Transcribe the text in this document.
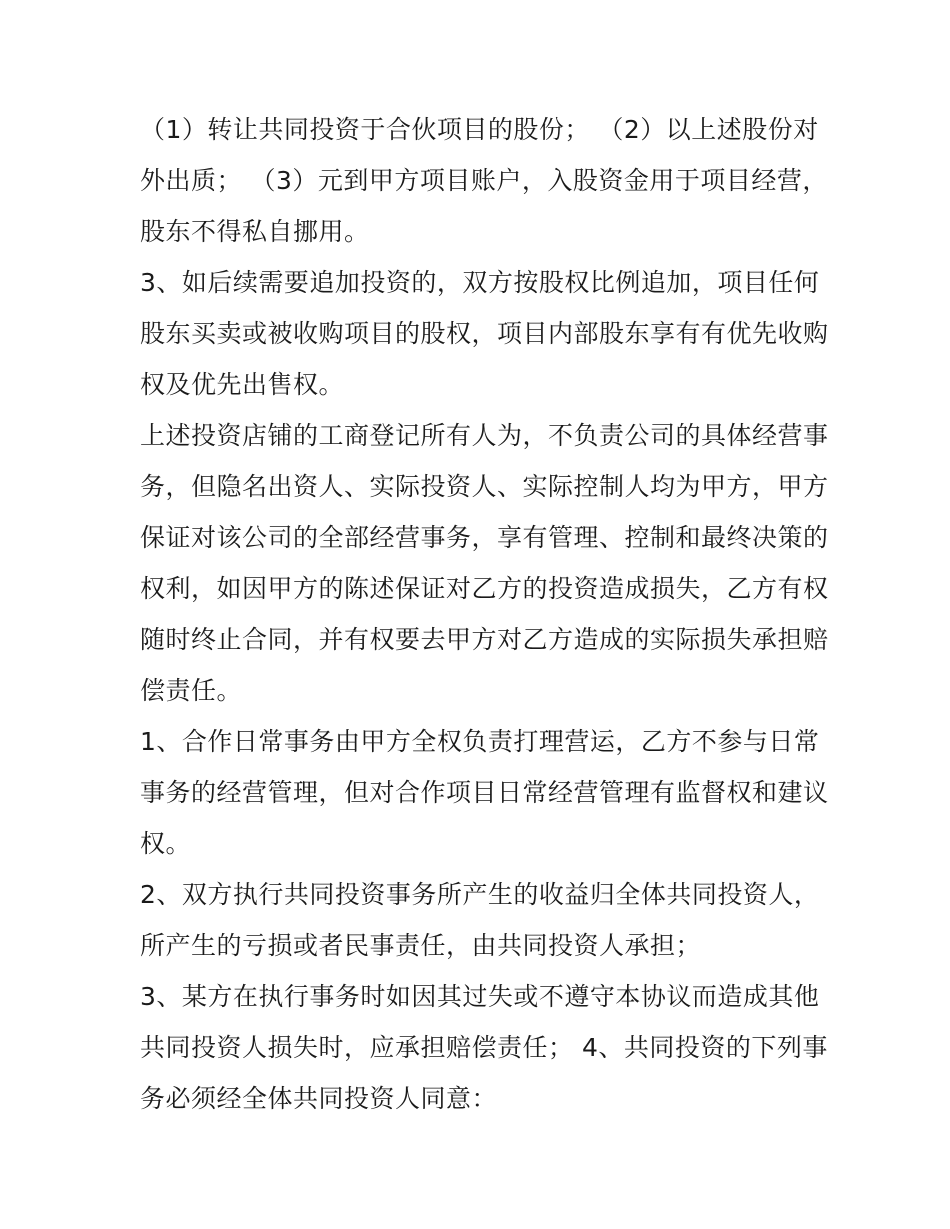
（1）转让共同投资于合伙项目的股份； （2）以上述股份对
外出质； （3）元到甲方项目账户，入股资金用于项目经营，
股东不得私自挪用。
3、如后续需要追加投资的，双方按股权比例追加，项目任何
股东买卖或被收购项目的股权，项目内部股东享有有优先收购
权及优先出售权。
上述投资店铺的工商登记所有人为，不负责公司的具体经营事
务，但隐名出资人、实际投资人、实际控制人均为甲方，甲方
保证对该公司的全部经营事务，享有管理、控制和最终决策的
权利，如因甲方的陈述保证对乙方的投资造成损失，乙方有权
随时终止合同，并有权要去甲方对乙方造成的实际损失承担赔
偿责任。
1、合作日常事务由甲方全权负责打理营运，乙方不参与日常
事务的经营管理，但对合作项目日常经营管理有监督权和建议
权。
2、双方执行共同投资事务所产生的收益归全体共同投资人，
所产生的亏损或者民事责任，由共同投资人承担；
3、某方在执行事务时如因其过失或不遵守本协议而造成其他
共同投资人损失时，应承担赔偿责任； 4、共同投资的下列事
务必须经全体共同投资人同意：
